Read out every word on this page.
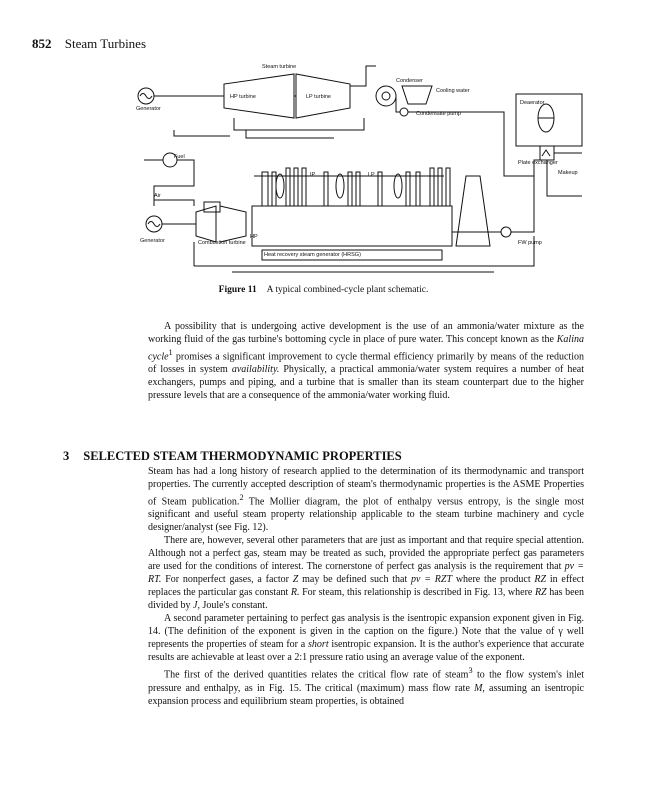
852 Steam Turbines
Generator
Steam turbine
HP turbine	LP turbine
Condenser
Cooling water
Condensate pump
Deaerator
Plate exchanger
Makeup
Fuel
Air
Generator	Combustion turbine
HP
IP	LP
Heat recovery steam generator (HRSG)
FW pump
Figure 11 A typical combined-cycle plant schematic.

A possibility that is undergoing active development is the use of an ammonia/water mixture as the working fluid of the gas turbine's bottoming cycle in place of pure water. This concept known as the Kalina cycle$^1$ promises a significant improvement to cycle thermal efficiency primarily by means of the reduction of losses in system availability. Physically, a practical ammonia/water system requires a number of heat exchangers, pumps and piping, and a turbine that is smaller than its steam counterpart due to the higher pressure levels that are a consequence of the ammonia/water working fluid.

3 SELECTED STEAM THERMODYNAMIC PROPERTIES

Steam has had a long history of research applied to the determination of its thermodynamic and transport properties. The currently accepted description of steam's thermodynamic properties is the ASME Properties of Steam publication.$^2$ The Mollier diagram, the plot of enthalpy versus entropy, is the single most significant and useful steam property relationship applicable to the steam turbine machinery and cycle designer/analyst (see Fig. 12).

There are, however, several other parameters that are just as important and that require special attention. Although not a perfect gas, steam may be treated as such, provided the appropriate perfect gas parameters are used for the conditions of interest. The cornerstone of perfect gas analysis is the requirement that pv = RT. For nonperfect gases, a factor Z may be defined such that pv = RZT where the product RZ in effect replaces the particular gas constant R. For steam, this relationship is described in Fig. 13, where RZ has been divided by J, Joule's constant.

A second parameter pertaining to perfect gas analysis is the isentropic expansion exponent given in Fig. 14. (The definition of the exponent is given in the caption on the figure.) Note that the value of γ well represents the properties of steam for a short isentropic expansion. It is the author's experience that accurate results are achievable at least over a 2:1 pressure ratio using an average value of the exponent.

The first of the derived quantities relates the critical flow rate of steam$^3$ to the flow system's inlet pressure and enthalpy, as in Fig. 15. The critical (maximum) mass flow rate M, assuming an isentropic expansion process and equilibrium steam properties, is obtained
